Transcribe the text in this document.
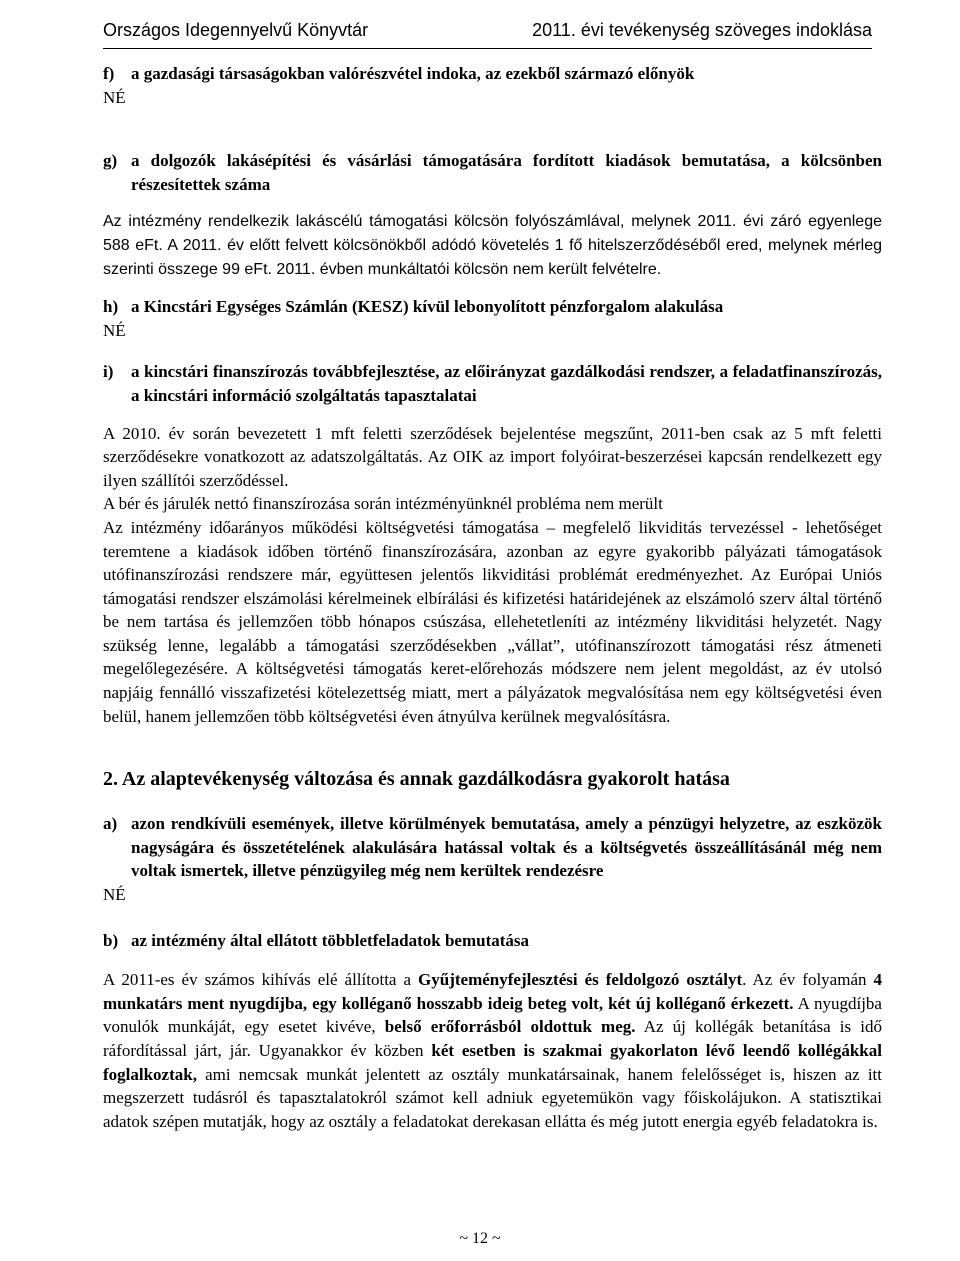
Országos Idegennyelvű Könyvtár	2011. évi tevékenység szöveges indoklása

f) a gazdasági társaságokban valórészvétel indoka, az ezekből származó előnyök

NÉ

g) a dolgozók lakásépítési és vásárlási támogatására fordított kiadások bemutatása, a kölcsönben részesítettek száma

Az intézmény rendelkezik lakáscélú támogatási kölcsön folyószámlával, melynek 2011. évi záró egyenlege 588 eFt. A 2011. év előtt felvett kölcsönökből adódó követelés 1 fő hitelszerződéséből ered, melynek mérleg szerinti összege 99 eFt. 2011. évben munkáltatói kölcsön nem került felvételre.

h) a Kincstári Egységes Számlán (KESZ) kívül lebonyolított pénzforgalom alakulása

NÉ

i) a kincstári finanszírozás továbbfejlesztése, az előirányzat gazdálkodási rendszer, a feladatfinanszírozás, a kincstári információ szolgáltatás tapasztalatai

A 2010. év során bevezetett 1 mft feletti szerződések bejelentése megszűnt, 2011-ben csak az 5 mft feletti szerződésekre vonatkozott az adatszolgáltatás. Az OIK az import folyóirat-beszerzései kapcsán rendelkezett egy ilyen szállítói szerződéssel.

A bér és járulék nettó finanszírozása során intézményünknél probléma nem merült

Az intézmény időarányos működési költségvetési támogatása – megfelelő likviditás tervezéssel - lehetőséget teremtene a kiadások időben történő finanszírozására, azonban az egyre gyakoribb pályázati támogatások utófinanszírozási rendszere már, együttesen jelentős likviditási problémát eredményezhet. Az Európai Uniós támogatási rendszer elszámolási kérelmeinek elbírálási és kifizetési határidejének az elszámoló szerv által történő be nem tartása és jellemzően több hónapos csúszása, ellehetetleníti az intézmény likviditási helyzetét. Nagy szükség lenne, legalább a támogatási szerződésekben „vállat”, utófinanszírozott támogatási rész átmeneti megelőlegezésére. A költségvetési támogatás keret-előrehozás módszere nem jelent megoldást, az év utolsó napjáig fennálló visszafizetési kötelezettség miatt, mert a pályázatok megvalósítása nem egy költségvetési éven belül, hanem jellemzően több költségvetési éven átnyúlva kerülnek megvalósításra.

2. Az alaptevékenység változása és annak gazdálkodásra gyakorolt hatása

a) azon rendkívüli események, illetve körülmények bemutatása, amely a pénzügyi helyzetre, az eszközök nagyságára és összetételének alakulására hatással voltak és a költségvetés összeállításánál még nem voltak ismertek, illetve pénzügyileg még nem kerültek rendezésre

NÉ

b) az intézmény által ellátott többletfeladatok bemutatása

A 2011-es év számos kihívás elé állította a Gyűjteményfejlesztési és feldolgozó osztályt. Az év folyamán 4 munkatárs ment nyugdíjba, egy kolléganő hosszabb ideig beteg volt, két új kolléganő érkezett. A nyugdíjba vonulók munkáját, egy esetet kivéve, belső erőforrásból oldottuk meg. Az új kollégák betanítása is idő ráfordítással járt, jár. Ugyanakkor év közben két esetben is szakmai gyakorlaton lévő leendő kollégákkal foglalkoztak, ami nemcsak munkát jelentett az osztály munkatársainak, hanem felelősséget is, hiszen az itt megszerzett tudásról és tapasztalatokról számot kell adniuk egyetemükön vagy főiskolájukon. A statisztikai adatok szépen mutatják, hogy az osztály a feladatokat derekasan ellátta és még jutott energia egyéb feladatokra is.

~ 12 ~
